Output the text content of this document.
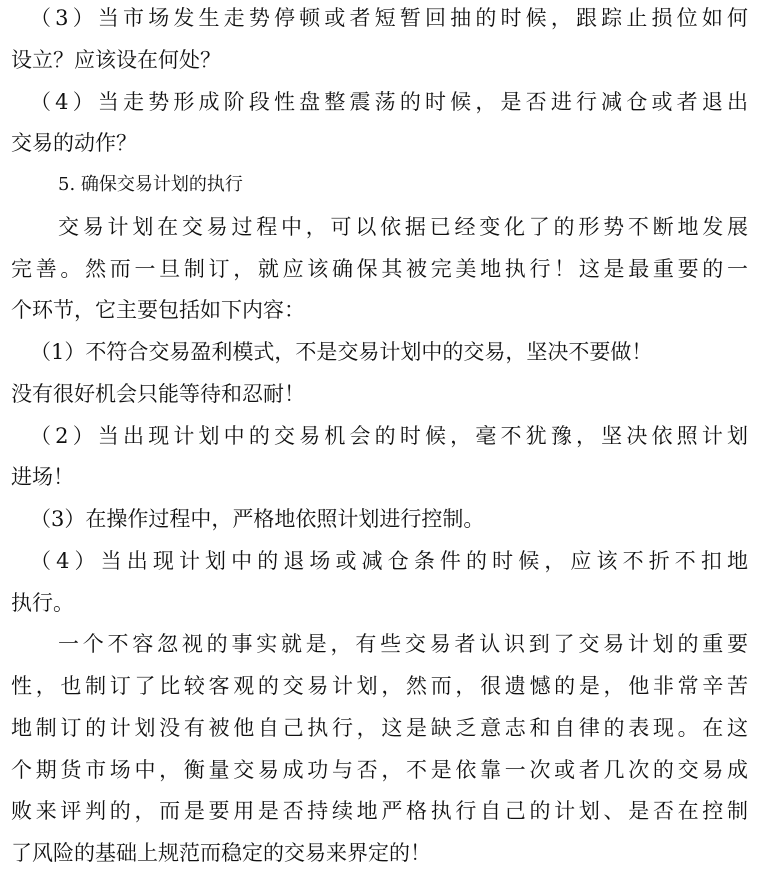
（3）当市场发生走势停顿或者短暂回抽的时候，跟踪止损位如何
设立？应该设在何处？
（4）当走势形成阶段性盘整震荡的时候，是否进行减仓或者退出
交易的动作？
5. 确保交易计划的执行
交易计划在交易过程中，可以依据已经变化了的形势不断地发展
完善。然而一旦制订，就应该确保其被完美地执行！这是最重要的一
个环节，它主要包括如下内容：
（1）不符合交易盈利模式，不是交易计划中的交易，坚决不要做！
没有很好机会只能等待和忍耐！
（2）当出现计划中的交易机会的时候，毫不犹豫，坚决依照计划
进场！
（3）在操作过程中，严格地依照计划进行控制。
（4）当出现计划中的退场或减仓条件的时候，应该不折不扣地
执行。
一个不容忽视的事实就是，有些交易者认识到了交易计划的重要
性，也制订了比较客观的交易计划，然而，很遗憾的是，他非常辛苦
地制订的计划没有被他自己执行，这是缺乏意志和自律的表现。在这
个期货市场中，衡量交易成功与否，不是依靠一次或者几次的交易成
败来评判的，而是要用是否持续地严格执行自己的计划、是否在控制
了风险的基础上规范而稳定的交易来界定的！
